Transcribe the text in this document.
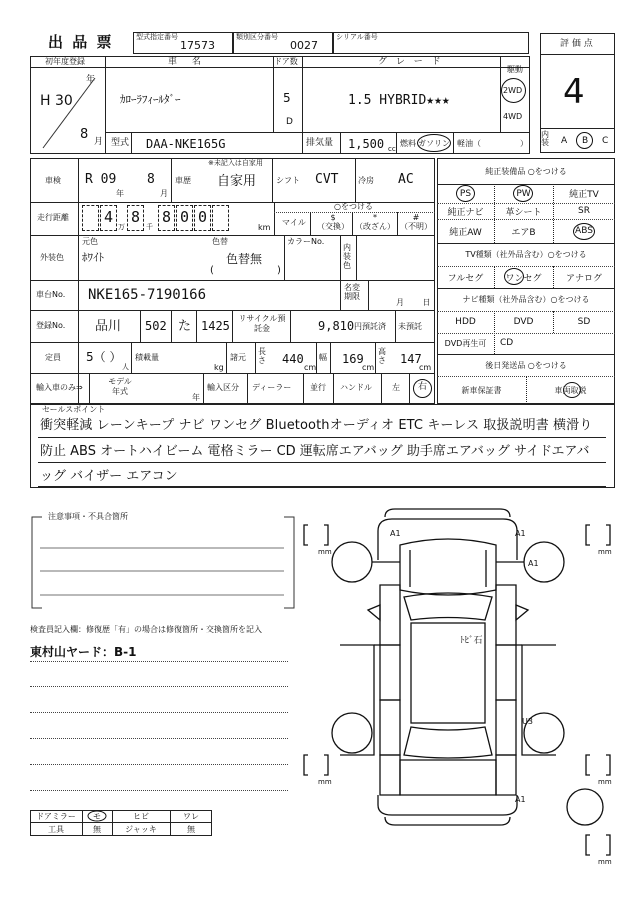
出 品 票	型式指定番号
17573
類別区分番号
0027
シリアル番号
評 価 点
4
内装 A B C
初年度登録
年
H 30
8 月
車 名
ｶﾛｰﾗﾌｨｰﾙﾀﾞｰ
ドア数
5
D
グ レ ー ド
1.5 HYBRID★★★
駆動
2WD
4WD
型式 DAA-NKE165G	排気量 1,500 cc
燃料 ガソリン 軽油（	）
車検 R 09
年
8
月
車歴
※未記入は自家用
自家用 シフト CVT 冷房 AC
走行距離 4
万
8
千
8 0 0
km
○をつける
マイル
$
（交換）
*
（改ざん）
#
（不明）
外装色
元色
ﾎﾜｲﾄ
色替
色替無
(	)
カラーNo.
内装色
車台No. NKE165-7190166	名変期限
月 日
登録No. 品川 502 た 1425
リサイクル預託金	9,810 円預託済 未預託
定員 5（ ）
人
積載量
kg
諸元
長さ 440
cm
幅 169
cm
高さ 147
cm
輸入車のみ⇒
モデル年式
年
輸入区分 ディーラー 並行 ハンドル	左 右
純正装備品 ○をつける
PS	PW	純正TV
純正ナビ	革シート	SR
純正AW	エアB	ABS
TV種類（社外品含む）○をつける
フルセグ	ワンセグ	アナログ
ナビ種類（社外品含む）○をつける
HDD	DVD	SD
DVD再生可	CD
後日発送品 ○をつける
新車保証書	車両取説
セールスポイント
衝突軽減 レーンキープ ナビ ワンセグ Bluetoothオーディオ ETC キーレス 取扱説明書 横滑り
防止 ABS オートハイビーム 電格ミラー CD 運転席エアバッグ 助手席エアバッグ サイドエアバ
ッグ バイザー エアコン
注意事項・不具合箇所
検査員記入欄：修復歴「有」の場合は修復箇所・交換箇所を記入
東村山ヤード：B-1
ドアミラー	モ	ヒビ	ワレ
工具	無	ジャッキ	無
mm	mm
mm	mm
mm
A1	A1
A1
ﾄﾋﾞ石
U3
A1
